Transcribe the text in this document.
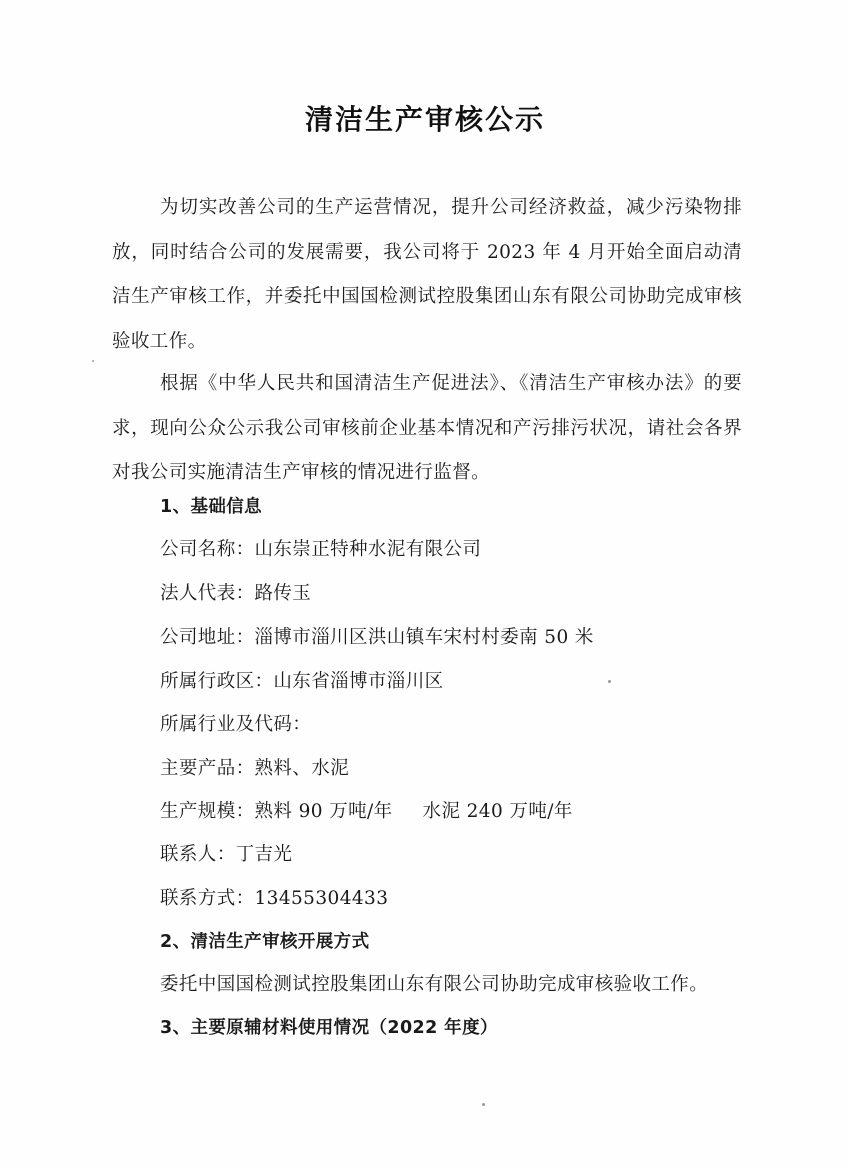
清洁生产审核公示
为切实改善公司的生产运营情况，提升公司经济救益，减少污染物排放，同时结合公司的发展需要，我公司将于 2023 年 4 月开始全面启动清洁生产审核工作，并委托中国国检测试控股集团山东有限公司协助完成审核验收工作。
根据《中华人民共和国清洁生产促进法》、《清洁生产审核办法》的要求，现向公众公示我公司审核前企业基本情况和产污排污状况，请社会各界对我公司实施清洁生产审核的情况进行监督。
1、基础信息
公司名称：山东崇正特种水泥有限公司
法人代表：路传玉
公司地址：淄博市淄川区洪山镇车宋村村委南 50 米
所属行政区：山东省淄博市淄川区
所属行业及代码：
主要产品：熟料、水泥
生产规模：熟料 90 万吨/年 水泥 240 万吨/年
联系人：丁吉光
联系方式：13455304433
2、清洁生产审核开展方式
委托中国国检测试控股集团山东有限公司协助完成审核验收工作。
3、主要原辅材料使用情况（2022 年度）
